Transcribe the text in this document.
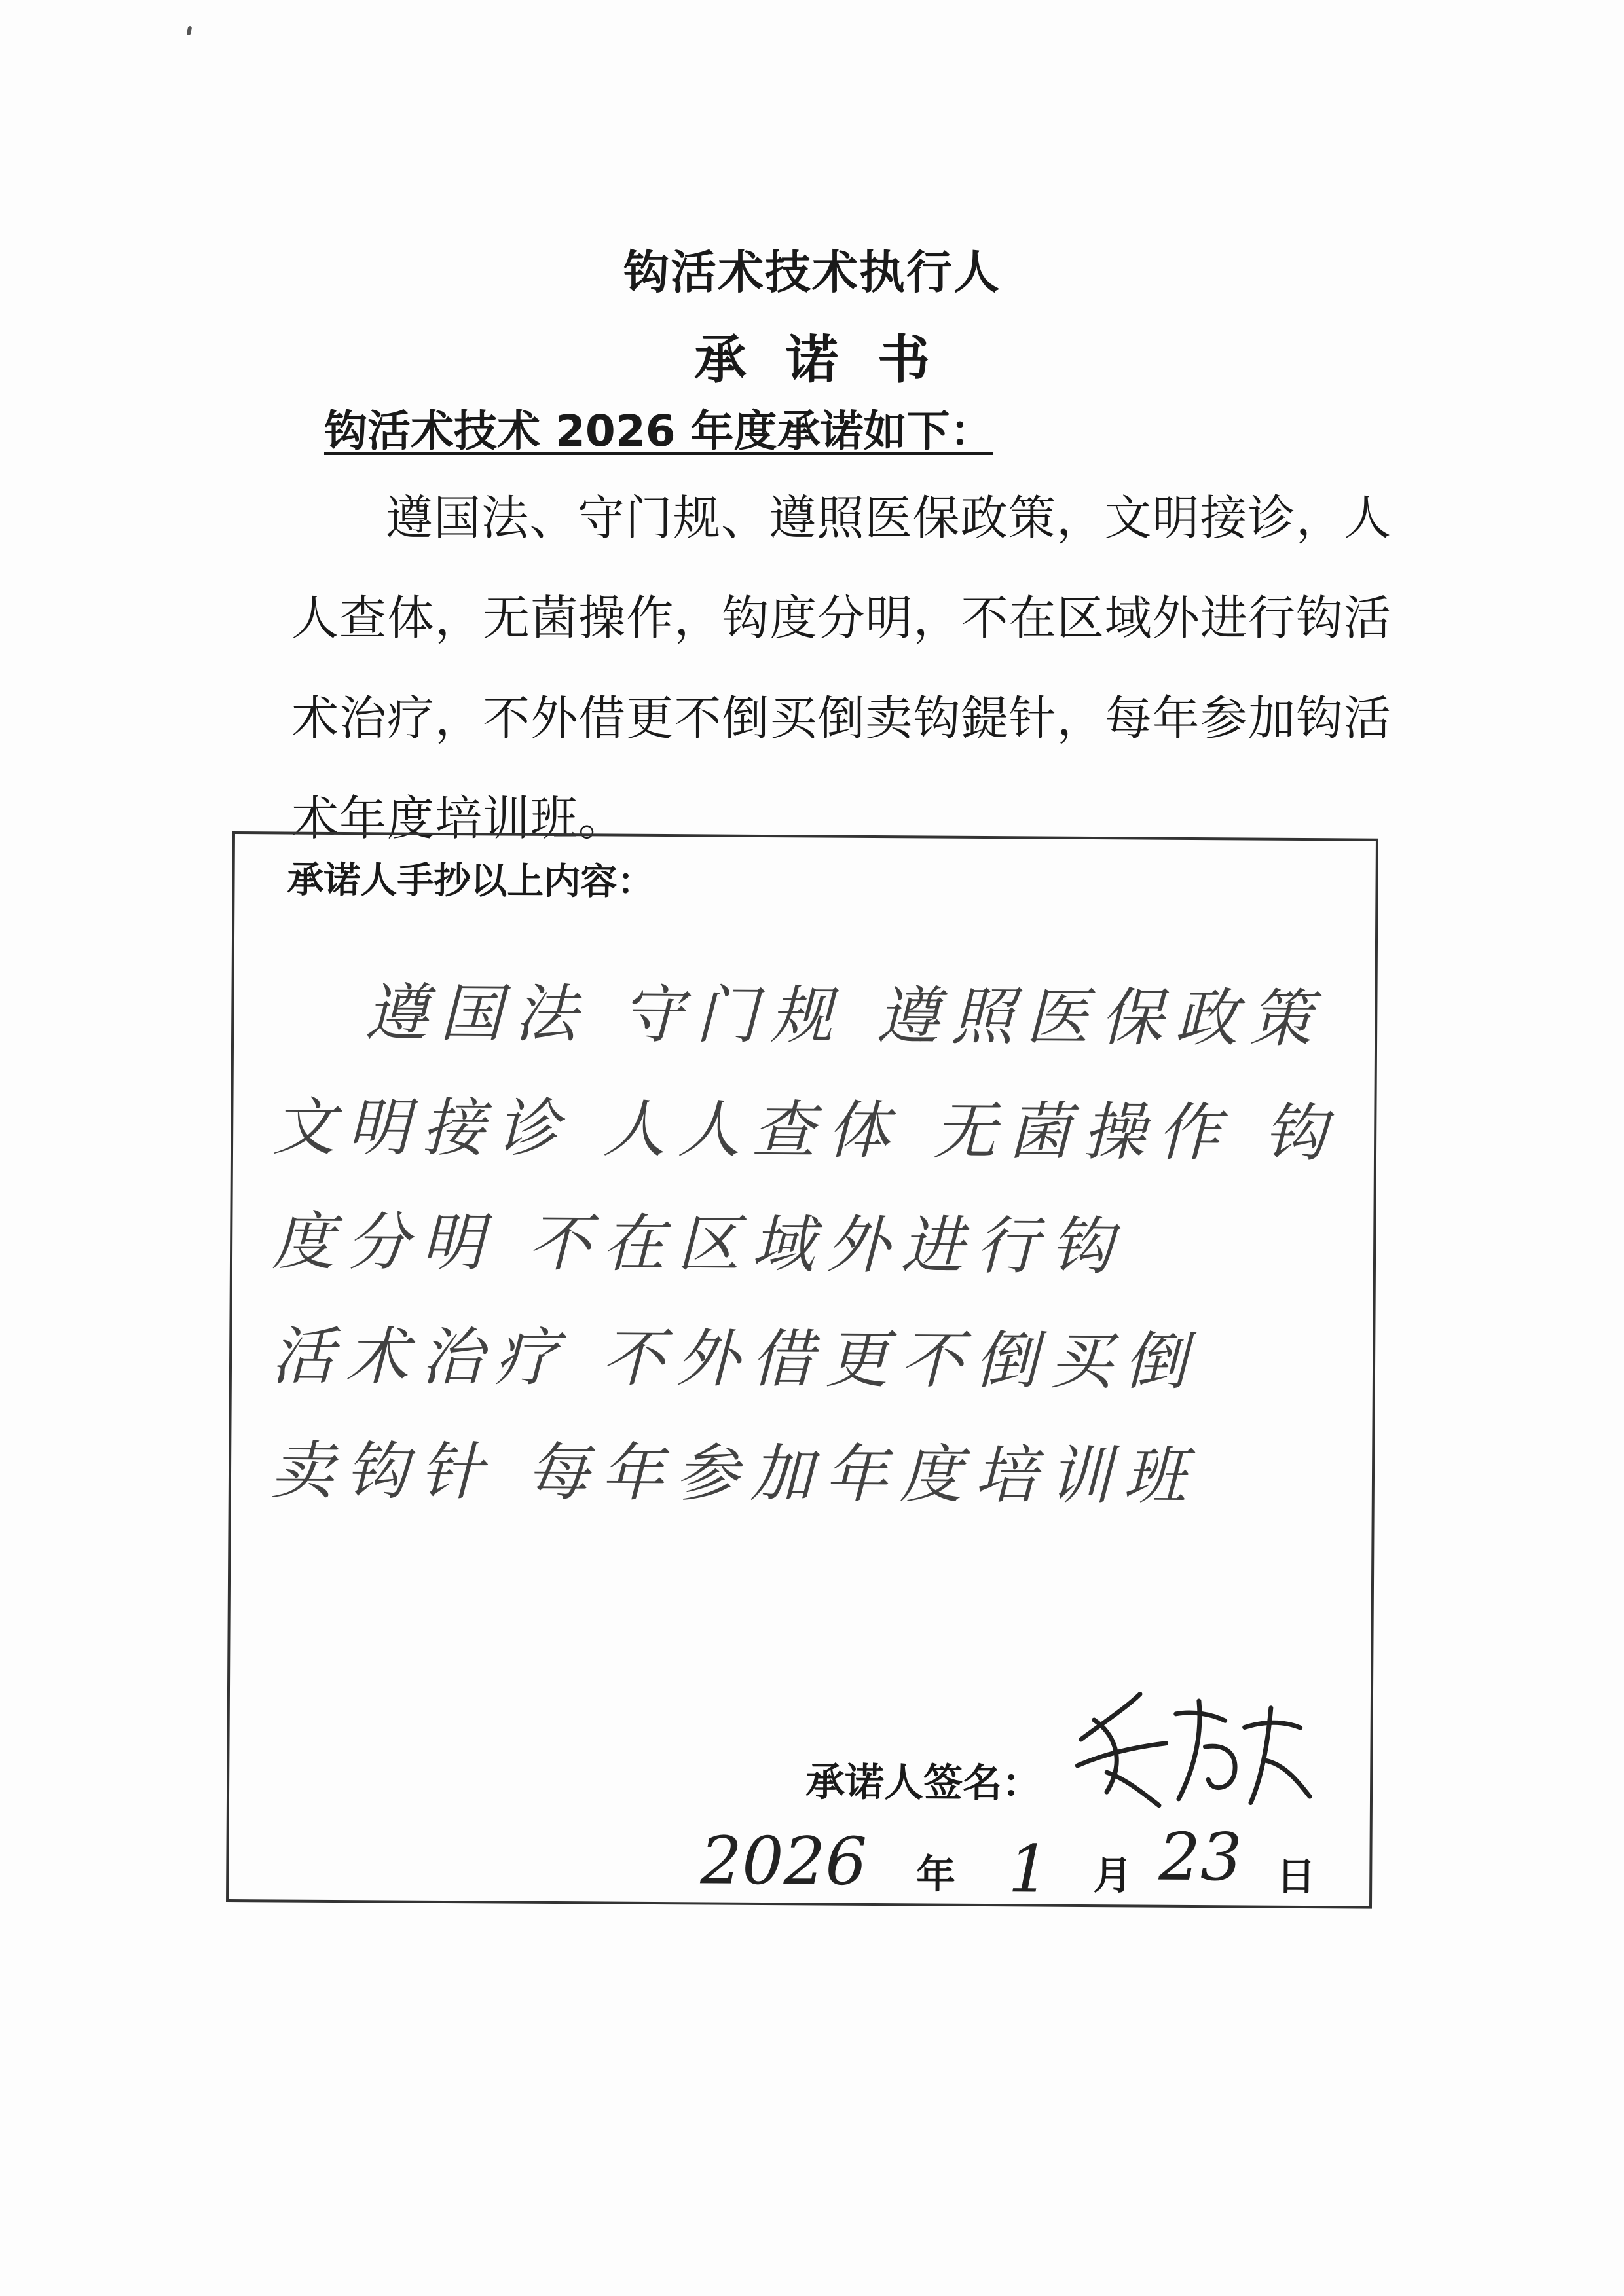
钩活术技术执行人
承诺书
钩活术技术 2026 年度承诺如下：
遵国法、守门规、遵照医保政策，文明接诊，人人查体，无菌操作，钩度分明，不在区域外进行钩活术治疗，不外借更不倒买倒卖钩鍉针，每年参加钩活术年度培训班。
承诺人手抄以上内容：
遵国法 守门规 遵照医保政策
文明接诊 人人查体 无菌操作 钩
度分明 不在区域外进行钩
活术治疗 不外借更不倒买倒
卖钩针 每年参加年度培训班
承诺人签名：
2026 年 1 月 23 日
